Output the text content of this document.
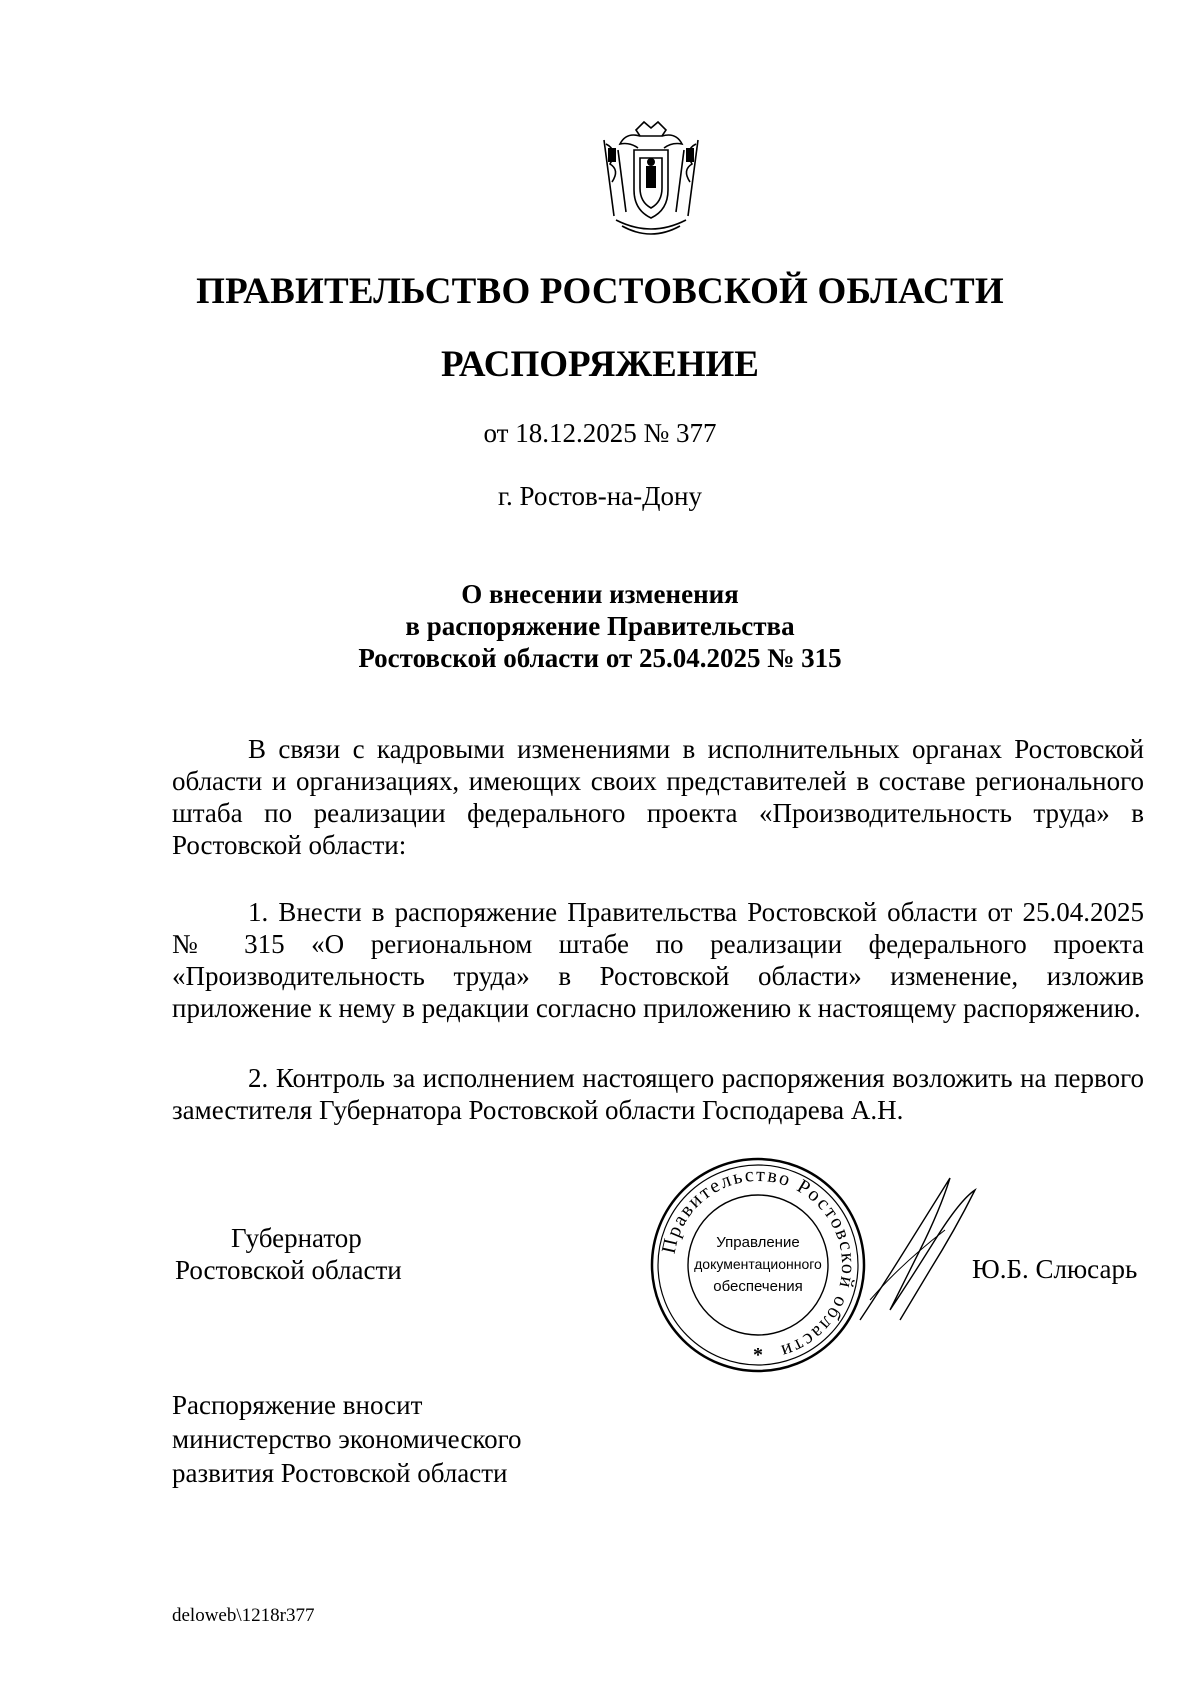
ПРАВИТЕЛЬСТВО РОСТОВСКОЙ ОБЛАСТИ
РАСПОРЯЖЕНИЕ
от 18.12.2025 № 377
г. Ростов-на-Дону
О внесении изменения
в распоряжение Правительства
Ростовской области от 25.04.2025 № 315

В связи с кадровыми изменениями в исполнительных органах Ростовской области и организациях, имеющих своих представителей в составе регионального штаба по реализации федерального проекта «Производительность труда» в Ростовской области:

1. Внести в распоряжение Правительства Ростовской области от 25.04.2025 № 315 «О региональном штабе по реализации федерального проекта «Производительность труда» в Ростовской области» изменение, изложив приложение к нему в редакции согласно приложению к настоящему распоряжению.

2. Контроль за исполнением настоящего распоряжения возложить на первого заместителя Губернатора Ростовской области Господарева А.Н.

Губернатор
Ростовской области
Правительство Ростовской области
Управление
документационного
обеспечения
*
Ю.Б. Слюсарь
Распоряжение вносит
министерство экономического
развития Ростовской области
deloweb\1218r377
